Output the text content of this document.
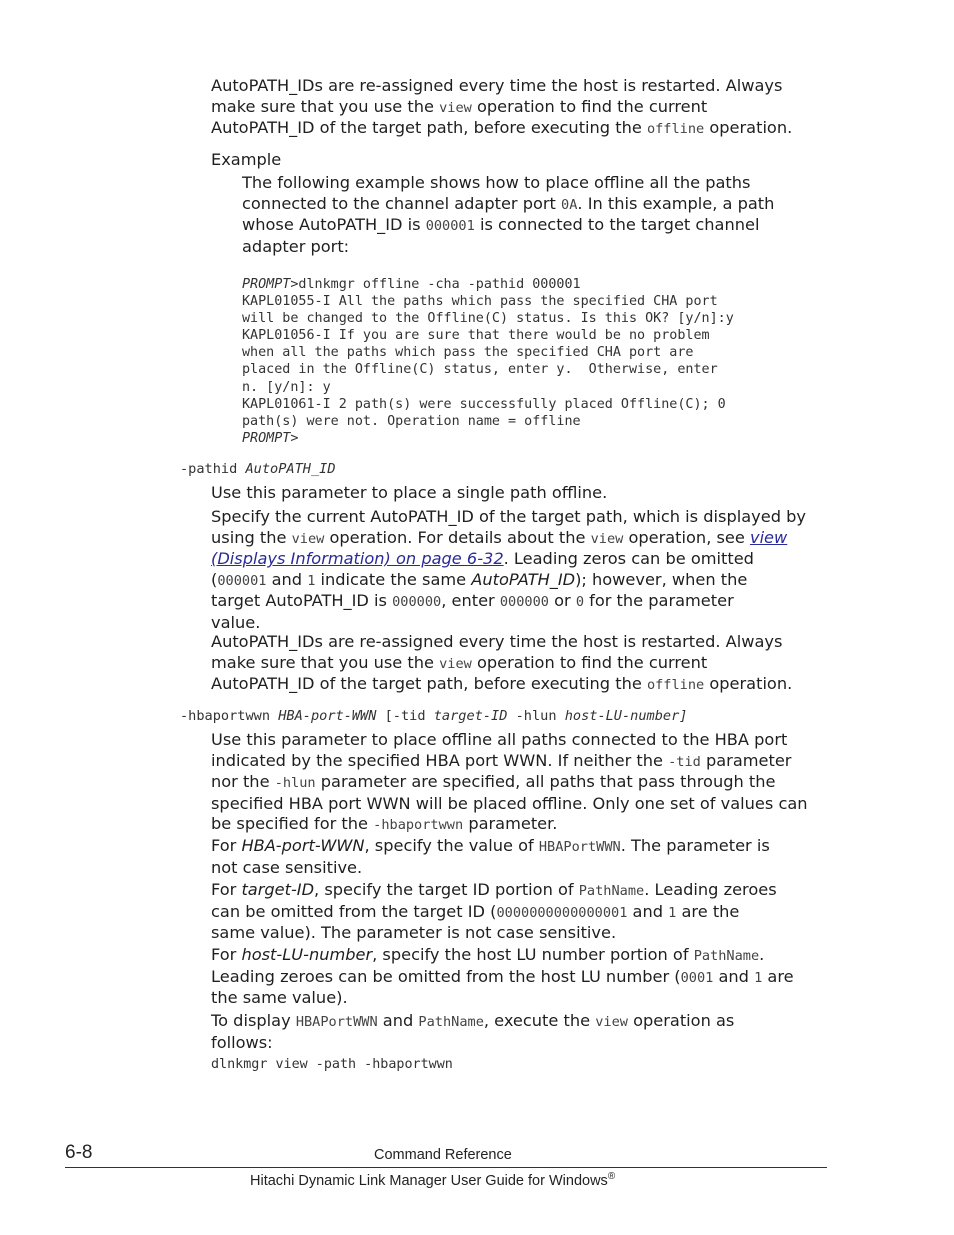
AutoPATH_IDs are re-assigned every time the host is restarted. Always
make sure that you use the view operation to find the current
AutoPATH_ID of the target path, before executing the offline operation.
Example
The following example shows how to place offline all the paths
connected to the channel adapter port 0A. In this example, a path
whose AutoPATH_ID is 000001 is connected to the target channel
adapter port:
PROMPT>dlnkmgr offline -cha -pathid 000001
KAPL01055-I All the paths which pass the specified CHA port
will be changed to the Offline(C) status. Is this OK? [y/n]:y
KAPL01056-I If you are sure that there would be no problem
when all the paths which pass the specified CHA port are
placed in the Offline(C) status, enter y.  Otherwise, enter
n. [y/n]: y
KAPL01061-I 2 path(s) were successfully placed Offline(C); 0
path(s) were not. Operation name = offline
PROMPT>
-pathid AutoPATH_ID
Use this parameter to place a single path offline.
Specify the current AutoPATH_ID of the target path, which is displayed by
using the view operation. For details about the view operation, see view
(Displays Information) on page 6-32. Leading zeros can be omitted
(000001 and 1 indicate the same AutoPATH_ID); however, when the
target AutoPATH_ID is 000000, enter 000000 or 0 for the parameter
value.
AutoPATH_IDs are re-assigned every time the host is restarted. Always
make sure that you use the view operation to find the current
AutoPATH_ID of the target path, before executing the offline operation.
-hbaportwwn HBA-port-WWN [-tid target-ID -hlun host-LU-number]
Use this parameter to place offline all paths connected to the HBA port
indicated by the specified HBA port WWN. If neither the -tid parameter
nor the -hlun parameter are specified, all paths that pass through the
specified HBA port WWN will be placed offline. Only one set of values can
be specified for the -hbaportwwn parameter.
For HBA-port-WWN, specify the value of HBAPortWWN. The parameter is
not case sensitive.
For target-ID, specify the target ID portion of PathName. Leading zeroes
can be omitted from the target ID (0000000000000001 and 1 are the
same value). The parameter is not case sensitive.
For host-LU-number, specify the host LU number portion of PathName.
Leading zeroes can be omitted from the host LU number (0001 and 1 are
the same value).
To display HBAPortWWN and PathName, execute the view operation as
follows:
dlnkmgr view -path -hbaportwwn
6-8	Command Reference
Hitachi Dynamic Link Manager User Guide for Windows®
